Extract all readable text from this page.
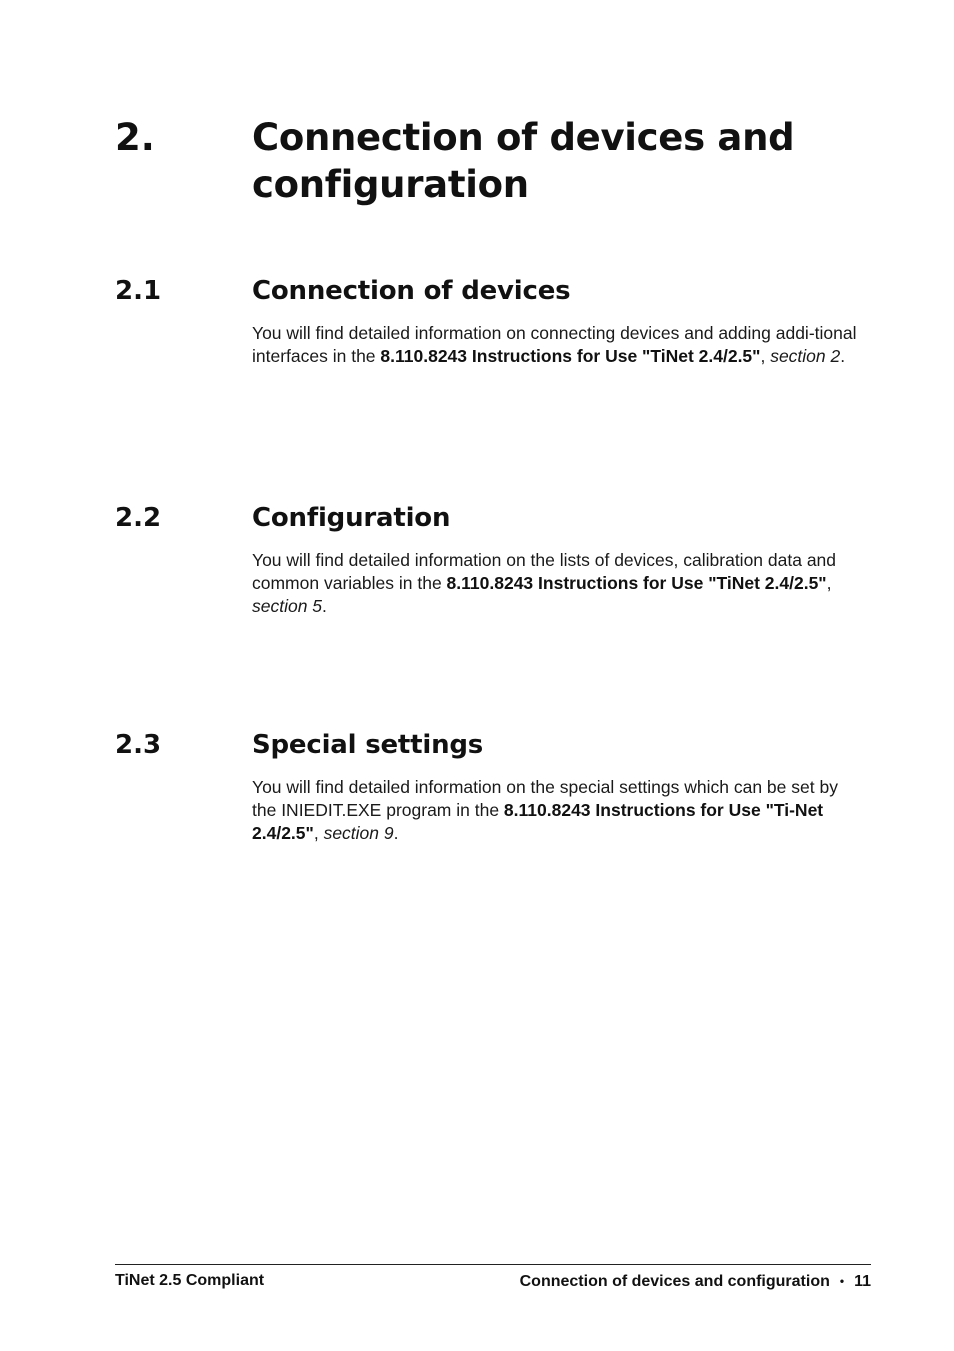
2.	Connection of devices and configuration
2.1	Connection of devices
You will find detailed information on connecting devices and adding addi-tional interfaces in the 8.110.8243 Instructions for Use "TiNet 2.4/2.5", section 2.
2.2	Configuration
You will find detailed information on the lists of devices, calibration data and common variables in the 8.110.8243 Instructions for Use "TiNet 2.4/2.5", section 5.
2.3	Special settings
You will find detailed information on the special settings which can be set by the INIEDIT.EXE program in the 8.110.8243 Instructions for Use "Ti-Net 2.4/2.5", section 9.
TiNet 2.5 Compliant	Connection of devices and configuration • 11
